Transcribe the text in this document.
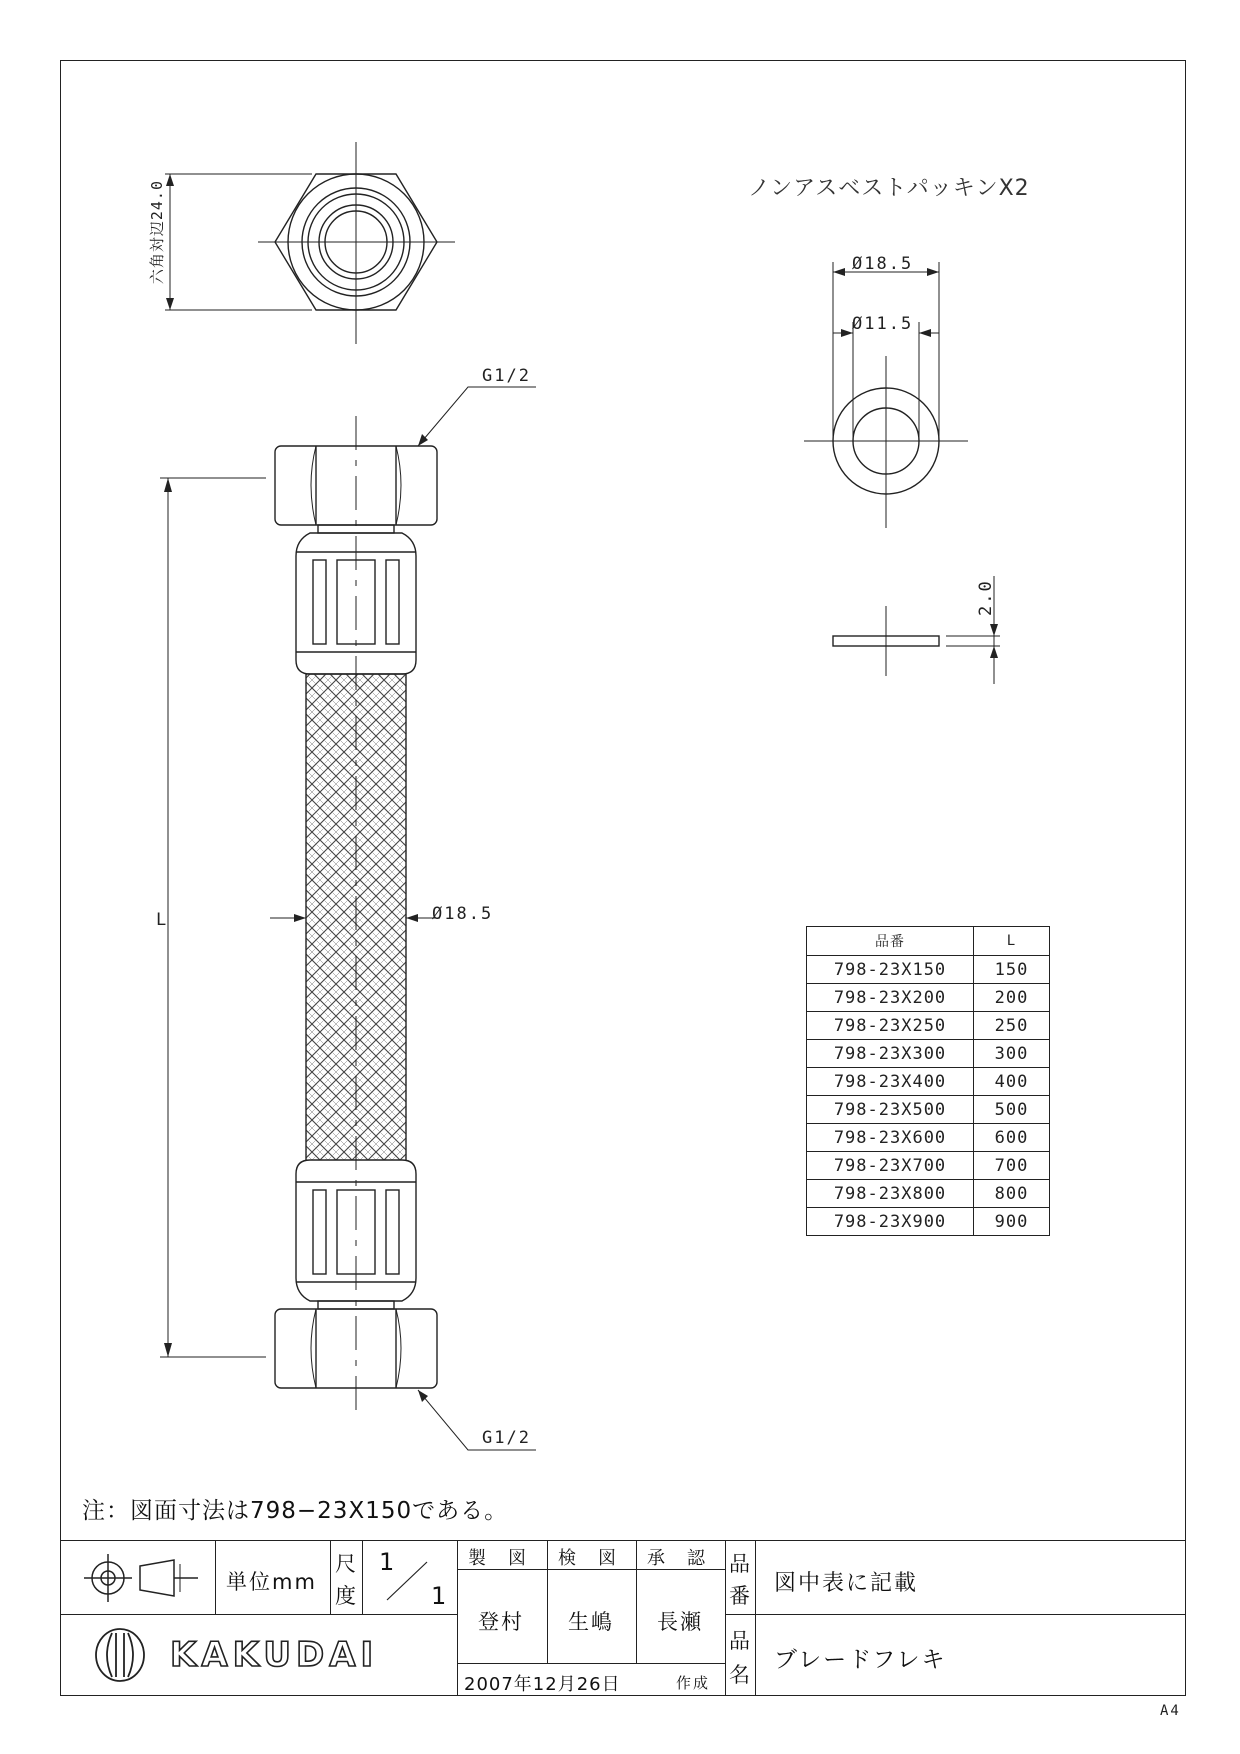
六角対辺24.0
G1/2
G1/2
Ø18.5
L
ノンアスベストパッキンX2
Ø18.5
Ø11.5
2.0
品番	L
798-23X150	150
798-23X200	200
798-23X250	250
798-23X300	300
798-23X400	400
798-23X500	500
798-23X600	600
798-23X700	700
798-23X800	800
798-23X900	900
注：図面寸法は798−23X150である。
単位mm
尺
度
1
1
製　図 検　図 承　認
登村 生嶋 長瀬
2007年12月26日	作成
品
番 図中表に記載
KAKUDAI	品
名
ブレードフレキ
A4
